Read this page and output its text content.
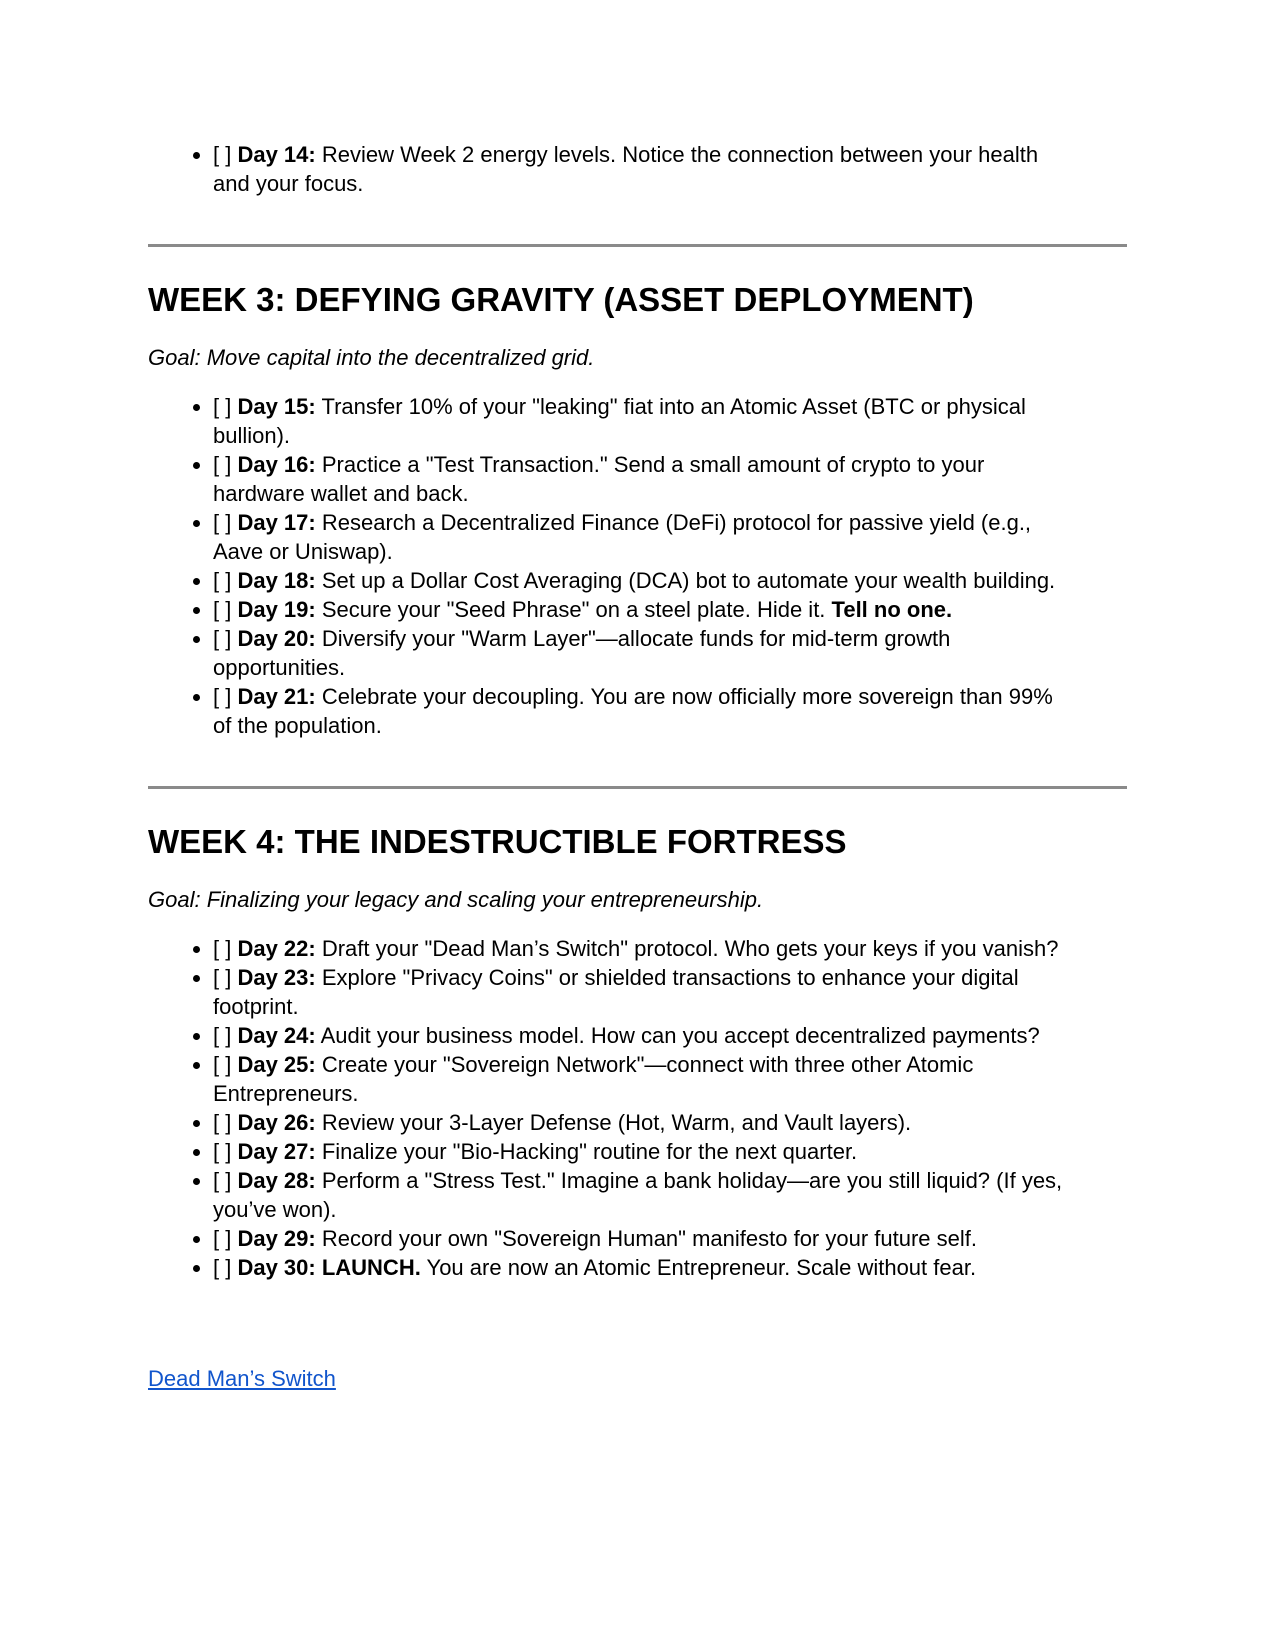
• [ ] Day 14: Review Week 2 energy levels. Notice the connection between your health
and your focus.
WEEK 3: DEFYING GRAVITY (ASSET DEPLOYMENT)

Goal: Move capital into the decentralized grid.

• [ ] Day 15: Transfer 10% of your "leaking" fiat into an Atomic Asset (BTC or physical
bullion).
• [ ] Day 16: Practice a "Test Transaction." Send a small amount of crypto to your
hardware wallet and back.
• [ ] Day 17: Research a Decentralized Finance (DeFi) protocol for passive yield (e.g.,
Aave or Uniswap).
• [ ] Day 18: Set up a Dollar Cost Averaging (DCA) bot to automate your wealth building.
• [ ] Day 19: Secure your "Seed Phrase" on a steel plate. Hide it. Tell no one.
• [ ] Day 20: Diversify your "Warm Layer"—allocate funds for mid-term growth
opportunities.
• [ ] Day 21: Celebrate your decoupling. You are now officially more sovereign than 99%
of the population.
WEEK 4: THE INDESTRUCTIBLE FORTRESS

Goal: Finalizing your legacy and scaling your entrepreneurship.

• [ ] Day 22: Draft your "Dead Man’s Switch" protocol. Who gets your keys if you vanish?
• [ ] Day 23: Explore "Privacy Coins" or shielded transactions to enhance your digital
footprint.
• [ ] Day 24: Audit your business model. How can you accept decentralized payments?
• [ ] Day 25: Create your "Sovereign Network"—connect with three other Atomic
Entrepreneurs.
• [ ] Day 26: Review your 3-Layer Defense (Hot, Warm, and Vault layers).
• [ ] Day 27: Finalize your "Bio-Hacking" routine for the next quarter.
• [ ] Day 28: Perform a "Stress Test." Imagine a bank holiday—are you still liquid? (If yes,
you’ve won).
• [ ] Day 29: Record your own "Sovereign Human" manifesto for your future self.
• [ ] Day 30: LAUNCH. You are now an Atomic Entrepreneur. Scale without fear.

Dead Man’s Switch
